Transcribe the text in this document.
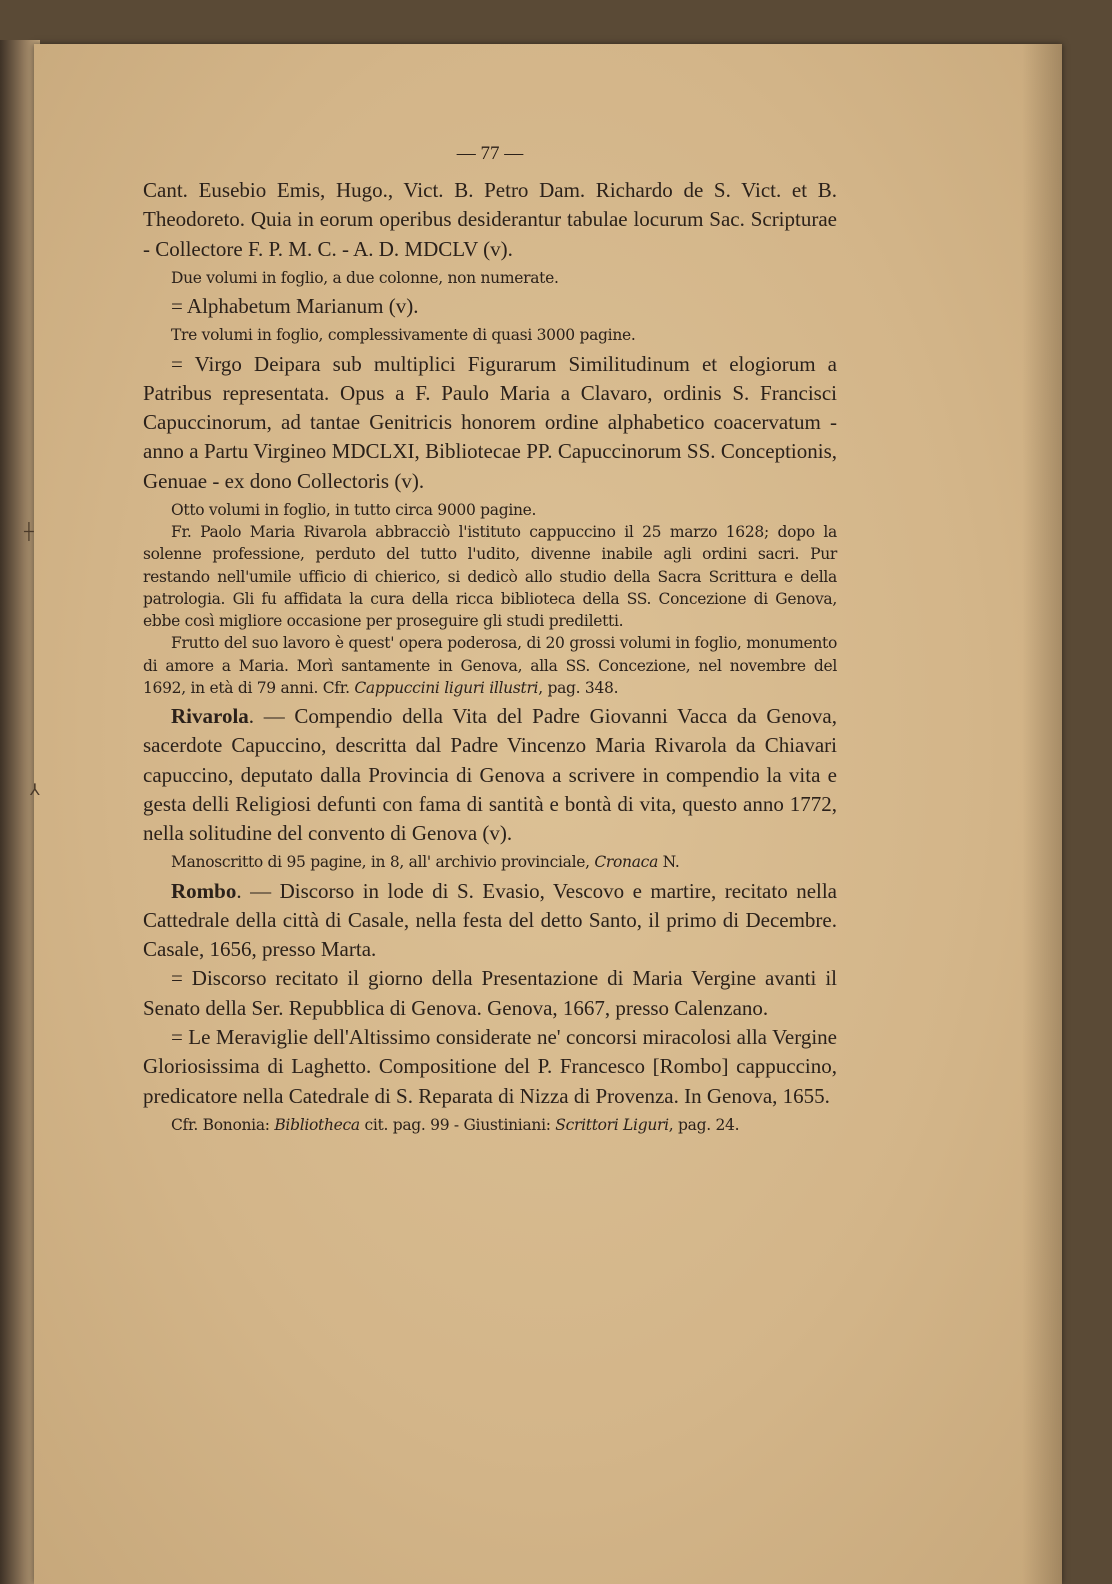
┼
⅄

— 77 —

Cant. Eusebio Emis, Hugo., Vict. B. Petro Dam. Richardo de S. Vict. et B. Theodoreto. Quia in eorum operibus desiderantur tabulae locurum Sac. Scripturae - Collectore F. P. M. C. - A. D. MDCLV (v).

Due volumi in foglio, a due colonne, non numerate.

= Alphabetum Marianum (v).

Tre volumi in foglio, complessivamente di quasi 3000 pagine.

= Virgo Deipara sub multiplici Figurarum Similitudinum et elogiorum a Patribus representata. Opus a F. Paulo Maria a Clavaro, ordinis S. Francisci Capuccinorum, ad tantae Genitricis honorem ordine alphabetico coacervatum - anno a Partu Virgineo MDCLXI, Bibliotecae PP. Capuccinorum SS. Conceptionis, Genuae - ex dono Collectoris (v).

Otto volumi in foglio, in tutto circa 9000 pagine.

Fr. Paolo Maria Rivarola abbracciò l'istituto cappuccino il 25 marzo 1628; dopo la solenne professione, perduto del tutto l'udito, divenne inabile agli ordini sacri. Pur restando nell'umile ufficio di chierico, si dedicò allo studio della Sacra Scrittura e della patrologia. Gli fu affidata la cura della ricca biblioteca della SS. Concezione di Genova, ebbe così migliore occasione per proseguire gli studi prediletti.

Frutto del suo lavoro è quest' opera poderosa, di 20 grossi volumi in foglio, monumento di amore a Maria. Morì santamente in Genova, alla SS. Concezione, nel novembre del 1692, in età di 79 anni. Cfr. Cappuccini liguri illustri, pag. 348.

Rivarola. — Compendio della Vita del Padre Giovanni Vacca da Genova, sacerdote Capuccino, descritta dal Padre Vincenzo Maria Rivarola da Chiavari capuccino, deputato dalla Provincia di Genova a scrivere in compendio la vita e gesta delli Religiosi defunti con fama di santità e bontà di vita, questo anno 1772, nella solitudine del convento di Genova (v).

Manoscritto di 95 pagine, in 8, all' archivio provinciale, Cronaca N.

Rombo. — Discorso in lode di S. Evasio, Vescovo e martire, recitato nella Cattedrale della città di Casale, nella festa del detto Santo, il primo di Decembre. Casale, 1656, presso Marta.

= Discorso recitato il giorno della Presentazione di Maria Vergine avanti il Senato della Ser. Repubblica di Genova. Genova, 1667, presso Calenzano.

= Le Meraviglie dell'Altissimo considerate ne' concorsi miracolosi alla Vergine Gloriosissima di Laghetto. Compositione del P. Francesco [Rombo] cappuccino, predicatore nella Catedrale di S. Reparata di Nizza di Provenza. In Genova, 1655.

Cfr. Bononia: Bibliotheca cit. pag. 99 - Giustiniani: Scrittori Liguri, pag. 24.
